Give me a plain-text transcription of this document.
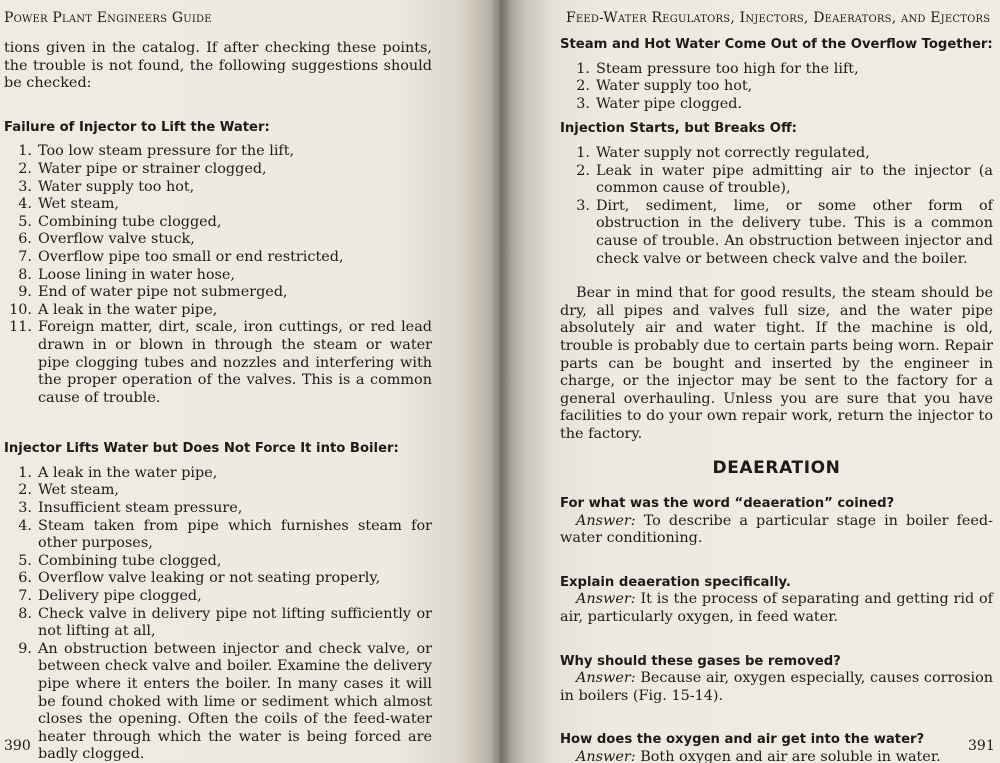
Power Plant Engineers Guide

tions given in the catalog. If after checking these points, the trouble is not found, the following suggestions should be checked:

Failure of Injector to Lift the Water:

1. Too low steam pressure for the lift,
2. Water pipe or strainer clogged,
3. Water supply too hot,
4. Wet steam,
5. Combining tube clogged,
6. Overflow valve stuck,
7. Overflow pipe too small or end restricted,
8. Loose lining in water hose,
9. End of water pipe not submerged,
10. A leak in the water pipe,
11. Foreign matter, dirt, scale, iron cuttings, or red lead drawn in or blown in through the steam or water pipe clogging tubes and nozzles and interfering with the proper operation of the valves. This is a common cause of trouble.

Injector Lifts Water but Does Not Force It into Boiler:

1. A leak in the water pipe,
2. Wet steam,
3. Insufficient steam pressure,
4. Steam taken from pipe which furnishes steam for other purposes,
5. Combining tube clogged,
6. Overflow valve leaking or not seating properly,
7. Delivery pipe clogged,
8. Check valve in delivery pipe not lifting sufficiently or not lifting at all,
9. An obstruction between injector and check valve, or between check valve and boiler. Examine the delivery pipe where it enters the boiler. In many cases it will be found choked with lime or sediment which almost closes the opening. Often the coils of the feed-water heater through which the water is being forced are badly clogged.
390
Feed-Water Regulators, Injectors, Deaerators, and Ejectors

Steam and Hot Water Come Out of the Overflow Together:

1. Steam pressure too high for the lift,
2. Water supply too hot,
3. Water pipe clogged.

Injection Starts, but Breaks Off:

1. Water supply not correctly regulated,
2. Leak in water pipe admitting air to the injector (a common cause of trouble),
3. Dirt, sediment, lime, or some other form of obstruction in the delivery tube. This is a common cause of trouble. An obstruction between injector and check valve or between check valve and the boiler.

Bear in mind that for good results, the steam should be dry, all pipes and valves full size, and the water pipe absolutely air and water tight. If the machine is old, trouble is probably due to certain parts being worn. Repair parts can be bought and inserted by the engineer in charge, or the injector may be sent to the factory for a general overhauling. Unless you are sure that you have facilities to do your own repair work, return the injector to the factory.

DEAERATION

For what was the word “deaeration” coined?

Answer: To describe a particular stage in boiler feed-water conditioning.

Explain deaeration specifically.

Answer: It is the process of separating and getting rid of air, particularly oxygen, in feed water.

Why should these gases be removed?

Answer: Because air, oxygen especially, causes corrosion in boilers (Fig. 15-14).

How does the oxygen and air get into the water?

Answer: Both oxygen and air are soluble in water.

391
